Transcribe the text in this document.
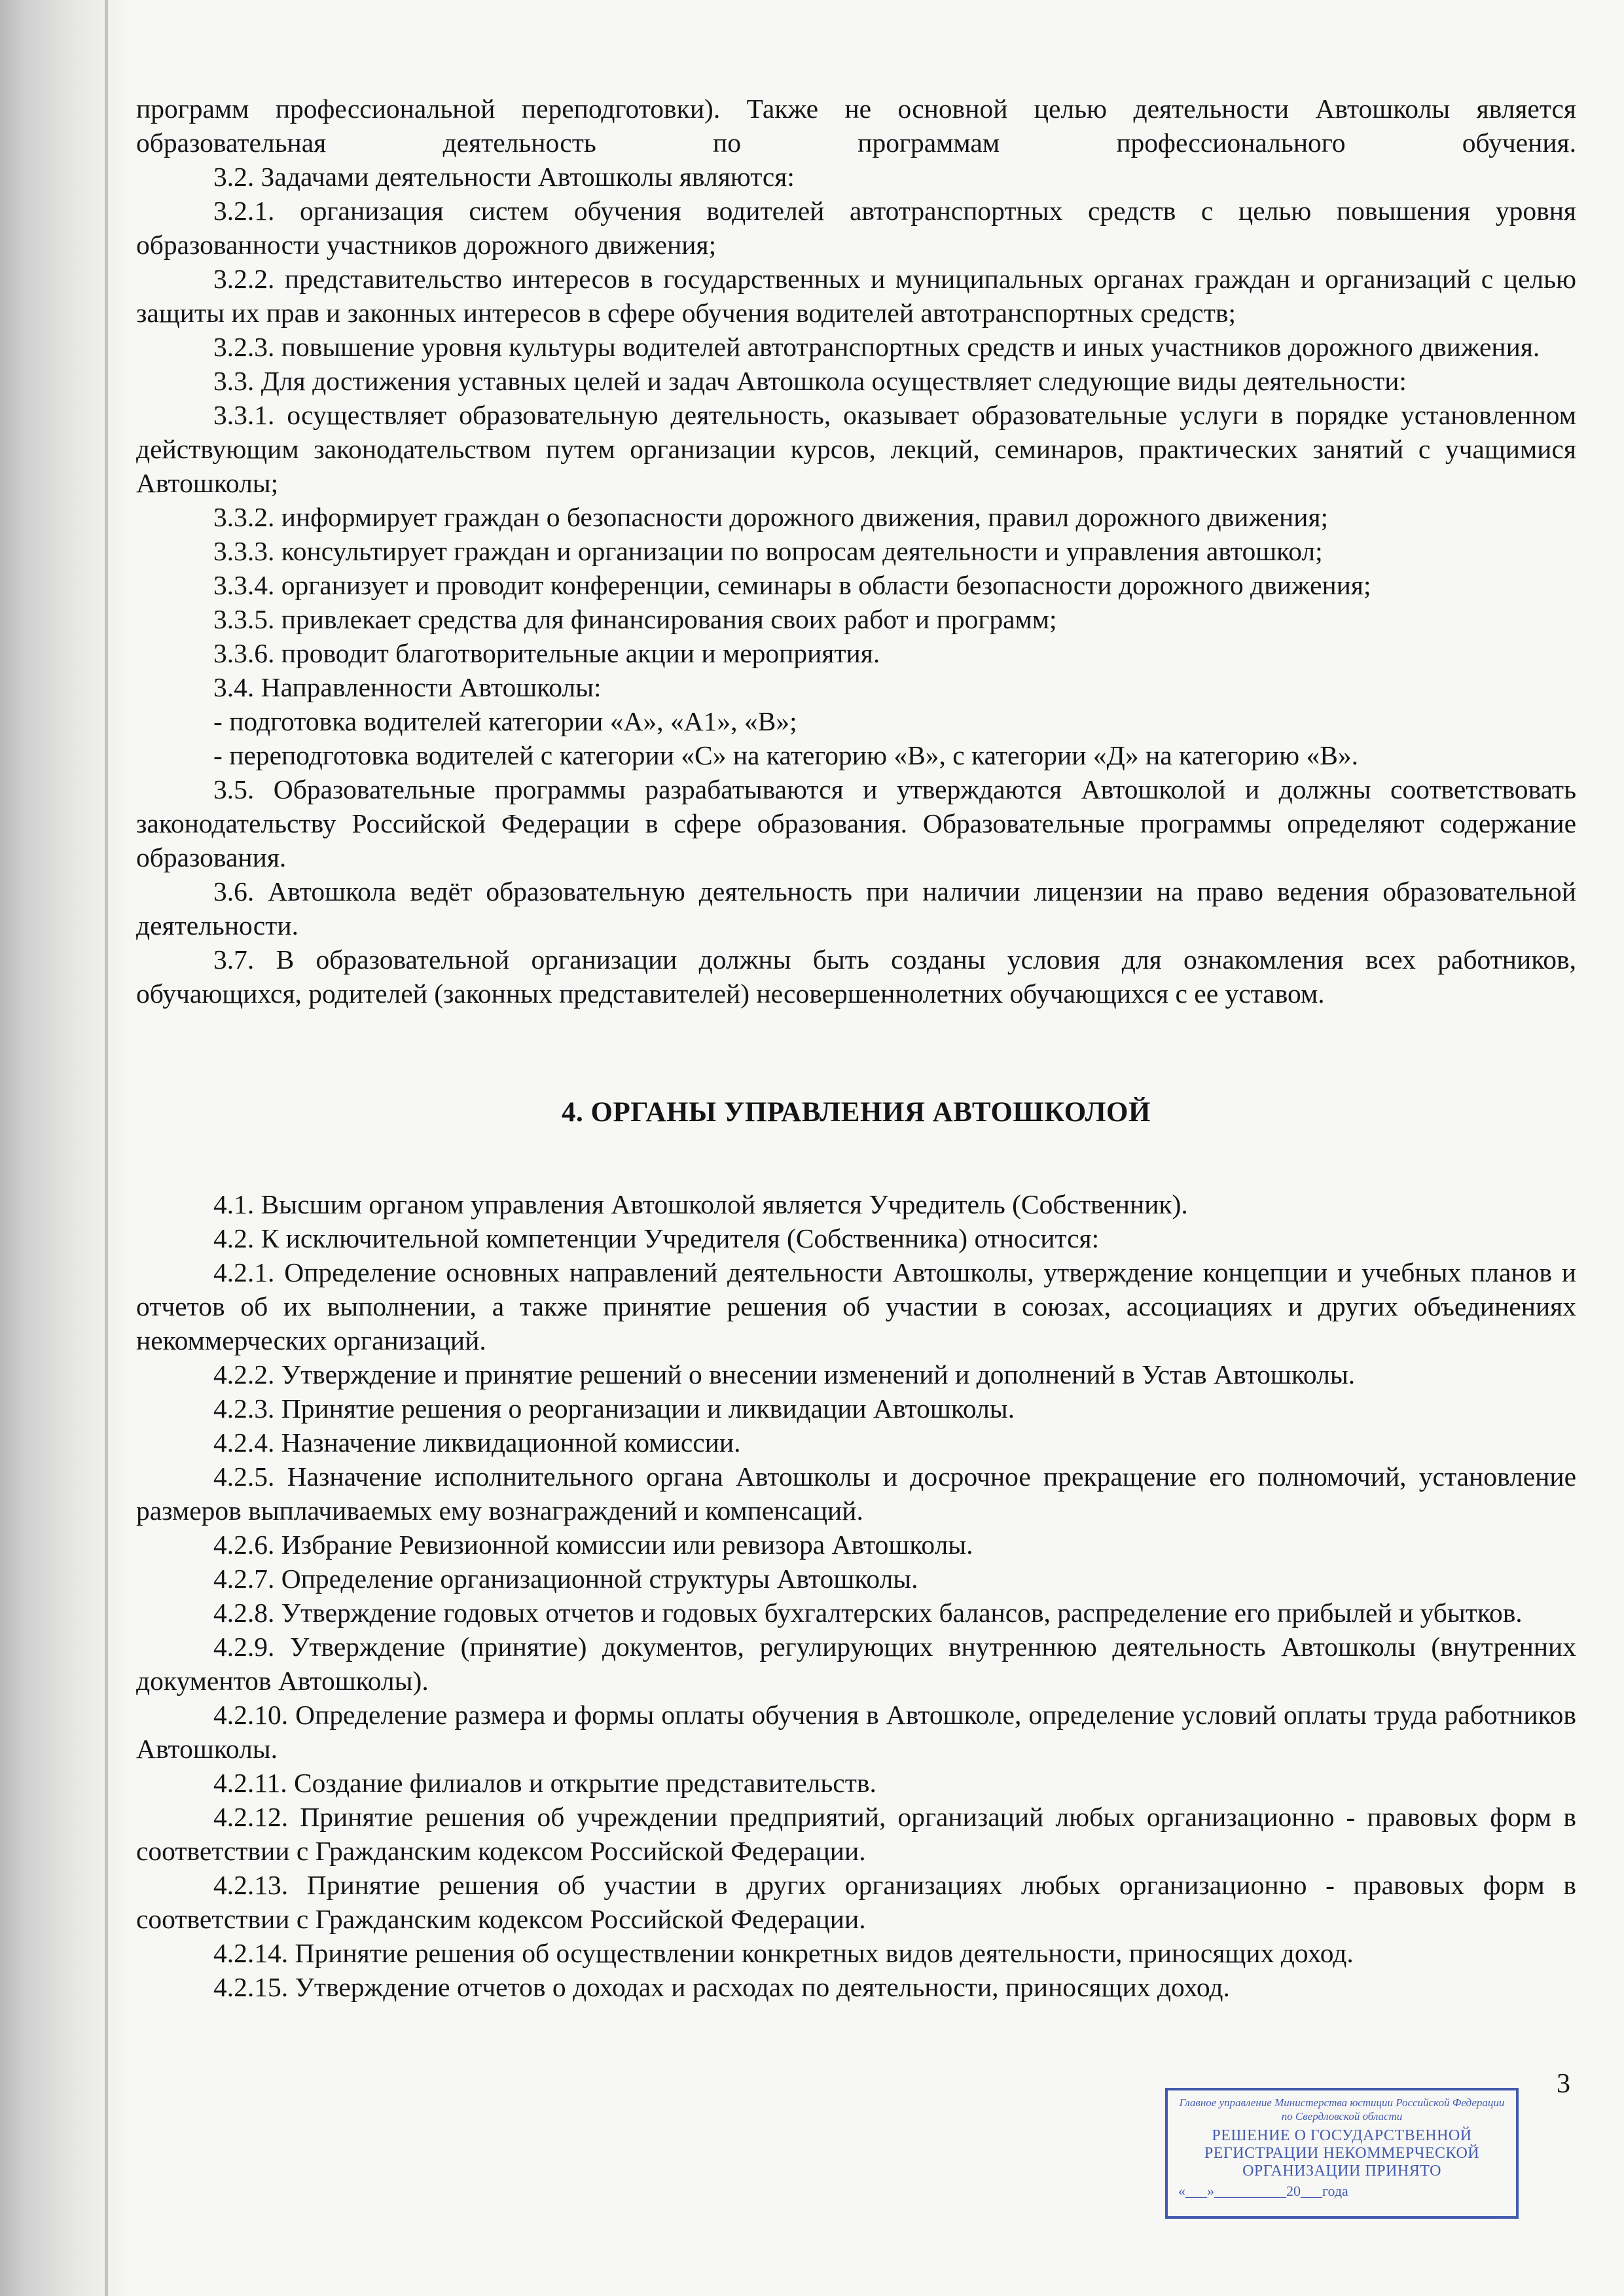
программ профессиональной переподготовки). Также не основной целью деятельности Автошколы является образовательная деятельность по программам профессионального обучения.

3.2. Задачами деятельности Автошколы являются:

3.2.1. организация систем обучения водителей автотранспортных средств с целью повышения уровня образованности участников дорожного движения;

3.2.2. представительство интересов в государственных и муниципальных органах граждан и организаций с целью защиты их прав и законных интересов в сфере обучения водителей автотранспортных средств;

3.2.3. повышение уровня культуры водителей автотранспортных средств и иных участников дорожного движения.

3.3. Для достижения уставных целей и задач Автошкола осуществляет следующие виды деятельности:

3.3.1. осуществляет образовательную деятельность, оказывает образовательные услуги в порядке установленном действующим законодательством путем организации курсов, лекций, семинаров, практических занятий с учащимися Автошколы;

3.3.2. информирует граждан о безопасности дорожного движения, правил дорожного движения;

3.3.3. консультирует граждан и организации по вопросам деятельности и управления автошкол;

3.3.4. организует и проводит конференции, семинары в области безопасности дорожного движения;

3.3.5. привлекает средства для финансирования своих работ и программ;

3.3.6. проводит благотворительные акции и мероприятия.

3.4. Направленности Автошколы:

- подготовка водителей категории «А», «А1», «В»;

- переподготовка водителей с категории «С» на категорию «В», с категории «Д» на категорию «В».

3.5. Образовательные программы разрабатываются и утверждаются Автошколой и должны соответствовать законодательству Российской Федерации в сфере образования. Образовательные программы определяют содержание образования.

3.6. Автошкола ведёт образовательную деятельность при наличии лицензии на право ведения образовательной деятельности.

3.7. В образовательной организации должны быть созданы условия для ознакомления всех работников, обучающихся, родителей (законных представителей) несовершеннолетних обучающихся с ее уставом.

4. ОРГАНЫ УПРАВЛЕНИЯ АВТОШКОЛОЙ

4.1. Высшим органом управления Автошколой является Учредитель (Собственник).

4.2. К исключительной компетенции Учредителя (Собственника) относится:

4.2.1. Определение основных направлений деятельности Автошколы, утверждение концепции и учебных планов и отчетов об их выполнении, а также принятие решения об участии в союзах, ассоциациях и других объединениях некоммерческих организаций.

4.2.2. Утверждение и принятие решений о внесении изменений и дополнений в Устав Автошколы.

4.2.3. Принятие решения о реорганизации и ликвидации Автошколы.

4.2.4. Назначение ликвидационной комиссии.

4.2.5. Назначение исполнительного органа Автошколы и досрочное прекращение его полномочий, установление размеров выплачиваемых ему вознаграждений и компенсаций.

4.2.6. Избрание Ревизионной комиссии или ревизора Автошколы.

4.2.7. Определение организационной структуры Автошколы.

4.2.8. Утверждение годовых отчетов и годовых бухгалтерских балансов, распределение его прибылей и убытков.

4.2.9. Утверждение (принятие) документов, регулирующих внутреннюю деятельность Автошколы (внутренних документов Автошколы).

4.2.10. Определение размера и формы оплаты обучения в Автошколе, определение условий оплаты труда работников Автошколы.

4.2.11. Создание филиалов и открытие представительств.

4.2.12. Принятие решения об учреждении предприятий, организаций любых организационно - правовых форм в соответствии с Гражданским кодексом Российской Федерации.

4.2.13. Принятие решения об участии в других организациях любых организационно - правовых форм в соответствии с Гражданским кодексом Российской Федерации.

4.2.14. Принятие решения об осуществлении конкретных видов деятельности, приносящих доход.

4.2.15. Утверждение отчетов о доходах и расходах по деятельности, приносящих доход.

3
Главное управление Министерства юстиции Российской Федерации по Свердловской области
РЕШЕНИЕ О ГОСУДАРСТВЕННОЙ РЕГИСТРАЦИИ НЕКОММЕРЧЕСКОЙ ОРГАНИЗАЦИИ ПРИНЯТО
«___»__________20___года
